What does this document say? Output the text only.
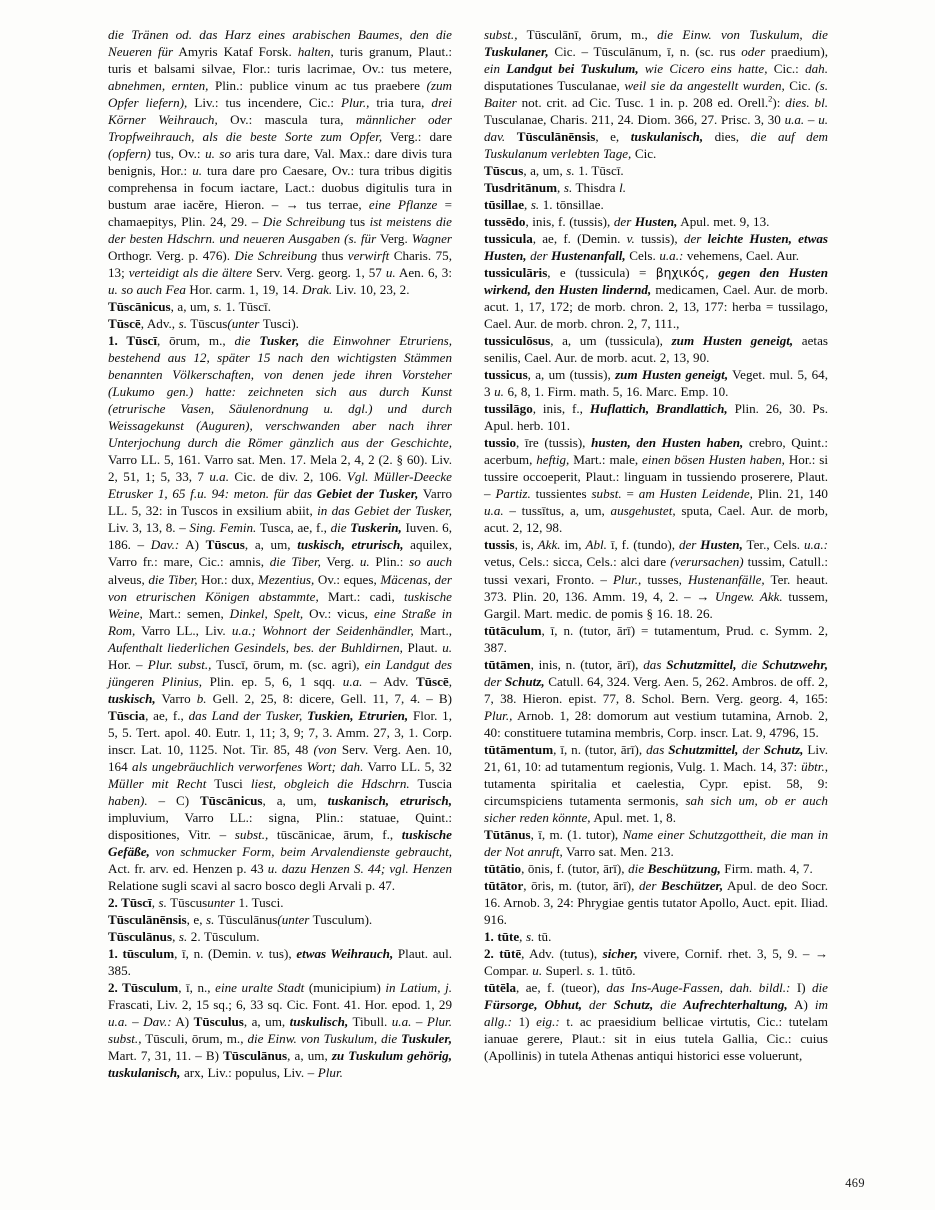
die Tränen od. das Harz eines arabischen Baumes, den die Neueren für Amyris Kataf Forsk. halten, turis granum, Plaut.: turis et balsami silvae, Flor.: turis lacrimae, Ov.: tus metere, abnehmen, ernten, Plin.: publice vinum ac tus praebere (zum Opfer liefern), Liv.: tus incendere, Cic.: Plur., tria tura, drei Körner Weihrauch, Ov.: mascula tura, männlicher oder Tropfweihrauch, als die beste Sorte zum Opfer, Verg.: dare (opfern) tus, Ov.: u. so aris tura dare, Val. Max.: dare divis tura benignis, Hor.: u. tura dare pro Caesare, Ov.: tura tribus digitis comprehensa in focum iactare, Lact.: duobus digitulis tura in bustum arae iacĕre, Hieron. – → tus terrae, eine Pflanze = chamaepitys, Plin. 24, 29. – Die Schreibung tus ist meistens die der besten Hdschrn. und neueren Ausgaben (s. für Verg. Wagner Orthogr. Verg. p. 476). Die Schreibung thus verwirft Charis. 75, 13; verteidigt als die ältere Serv. Verg. georg. 1, 57 u. Aen. 6, 3: u. so auch Fea Hor. carm. 1, 19, 14. Drak. Liv. 10, 23, 2.

Tūscānicus, a, um, s. 1. Tūscī.

Tūscē, Adv., s. Tūscus(unter Tusci).

1. Tūscī, ōrum, m., die Tusker, die Einwohner Etruriens, bestehend aus 12, später 15 nach den wichtigsten Stämmen benannten Völkerschaften, von denen jede ihren Vorsteher (Lukumo gen.) hatte: zeichneten sich aus durch Kunst (etrurische Vasen, Säulenordnung u. dgl.) und durch Weissagekunst (Auguren), verschwanden aber nach ihrer Unterjochung durch die Römer gänzlich aus der Geschichte, Varro LL. 5, 161. Varro sat. Men. 17. Mela 2, 4, 2 (2. § 60). Liv. 2, 51, 1; 5, 33, 7 u.a. Cic. de div. 2, 106. Vgl. Müller-Deecke Etrusker 1, 65 f.u. 94: meton. für das Gebiet der Tusker, Varro LL. 5, 32: in Tuscos in exsilium abiit, in das Gebiet der Tusker, Liv. 3, 13, 8. – Sing. Femin. Tusca, ae, f., die Tuskerin, Iuven. 6, 186. – Dav.: A) Tūscus, a, um, tuskisch, etrurisch, aquilex, Varro fr.: mare, Cic.: amnis, die Tiber, Verg. u. Plin.: so auch alveus, die Tiber, Hor.: dux, Mezentius, Ov.: eques, Mäcenas, der von etrurischen Königen abstammte, Mart.: cadi, tuskische Weine, Mart.: semen, Dinkel, Spelt, Ov.: vicus, eine Straße in Rom, Varro LL., Liv. u.a.; Wohnort der Seidenhändler, Mart., Aufenthalt liederlichen Gesindels, bes. der Buhldirnen, Plaut. u. Hor. – Plur. subst., Tuscī, ōrum, m. (sc. agri), ein Landgut des jüngeren Plinius, Plin. ep. 5, 6, 1 sqq. u.a. – Adv. Tūscē, tuskisch, Varro b. Gell. 2, 25, 8: dicere, Gell. 11, 7, 4. – B) Tūscia, ae, f., das Land der Tusker, Tuskien, Etrurien, Flor. 1, 5, 5. Tert. apol. 40. Eutr. 1, 11; 3, 9; 7, 3. Amm. 27, 3, 1. Corp. inscr. Lat. 10, 1125. Not. Tir. 85, 48 (von Serv. Verg. Aen. 10, 164 als ungebräuchlich verworfenes Wort; dah. Varro LL. 5, 32 Müller mit Recht Tusci liest, obgleich die Hdschrn. Tuscia haben). – C) Tūscānicus, a, um, tuskanisch, etrurisch, impluvium, Varro LL.: signa, Plin.: statuae, Quint.: dispositiones, Vitr. – subst., tūscānicae, ārum, f., tuskische Gefäße, von schmucker Form, beim Arvalendienste gebraucht, Act. fr. arv. ed. Henzen p. 43 u. dazu Henzen S. 44; vgl. Henzen Relatione sugli scavi al sacro bosco degli Arvali p. 47.

2. Tūscī, s. Tūscusunter 1. Tusci.

Tūsculānēnsis, e, s. Tūsculānus(unter Tusculum).

Tūsculānus, s. 2. Tūsculum.

1. tūsculum, ī, n. (Demin. v. tus), etwas Weihrauch, Plaut. aul. 385.

2. Tūsculum, ī, n., eine uralte Stadt (municipium) in Latium, j. Frascati, Liv. 2, 15 sq.; 6, 33 sq. Cic. Font. 41. Hor. epod. 1, 29 u.a. – Dav.: A) Tūsculus, a, um, tuskulisch, Tibull. u.a. – Plur. subst., Tūsculi, ōrum, m., die Einw. von Tuskulum, die Tuskuler, Mart. 7, 31, 11. – B) Tūsculānus, a, um, zu Tuskulum gehörig, tuskulanisch, arx, Liv.: populus, Liv. – Plur.

subst., Tūsculānī, ōrum, m., die Einw. von Tuskulum, die Tuskulaner, Cic. – Tūsculānum, ī, n. (sc. rus oder praedium), ein Landgut bei Tuskulum, wie Cicero eins hatte, Cic.: dah. disputationes Tusculanae, weil sie da angestellt wurden, Cic. (s. Baiter not. crit. ad Cic. Tusc. 1 in. p. 208 ed. Orell.$^2$): dies. bl. Tusculanae, Charis. 211, 24. Diom. 366, 27. Prisc. 3, 30 u.a. – u. dav. Tūsculānēnsis, e, tuskulanisch, dies, die auf dem Tuskulanum verlebten Tage, Cic.

Tūscus, a, um, s. 1. Tūscī.

Tusdritānum, s. Thisdra l.

tūsillae, s. 1. tōnsillae.

tussēdo, inis, f. (tussis), der Husten, Apul. met. 9, 13.

tussicula, ae, f. (Demin. v. tussis), der leichte Husten, etwas Husten, der Hustenanfall, Cels. u.a.: vehemens, Cael. Aur.

tussiculāris, e (tussicula) = βηχικός, gegen den Husten wirkend, den Husten lindernd, medicamen, Cael. Aur. de morb. acut. 1, 17, 172; de morb. chron. 2, 13, 177: herba = tussilago, Cael. Aur. de morb. chron. 2, 7, 111.,

tussiculōsus, a, um (tussicula), zum Husten geneigt, aetas senilis, Cael. Aur. de morb. acut. 2, 13, 90.

tussicus, a, um (tussis), zum Husten geneigt, Veget. mul. 5, 64, 3 u. 6, 8, 1. Firm. math. 5, 16. Marc. Emp. 10.

tussilāgo, inis, f., Huflattich, Brandlattich, Plin. 26, 30. Ps. Apul. herb. 101.

tussio, īre (tussis), husten, den Husten haben, crebro, Quint.: acerbum, heftig, Mart.: male, einen bösen Husten haben, Hor.: si tussire occoeperit, Plaut.: linguam in tussiendo proserere, Plaut. – Partiz. tussientes subst. = am Husten Leidende, Plin. 21, 140 u.a. – tussītus, a, um, ausgehustet, sputa, Cael. Aur. de morb, acut. 2, 12, 98.

tussis, is, Akk. im, Abl. ī, f. (tundo), der Husten, Ter., Cels. u.a.: vetus, Cels.: sicca, Cels.: alci dare (verursachen) tussim, Catull.: tussi vexari, Fronto. – Plur., tusses, Hustenanfälle, Ter. heaut. 373. Plin. 20, 136. Amm. 19, 4, 2. – → Ungew. Akk. tussem, Gargil. Mart. medic. de pomis § 16. 18. 26.

tūtāculum, ī, n. (tutor, ārī) = tutamentum, Prud. c. Symm. 2, 387.

tūtāmen, inis, n. (tutor, ārī), das Schutzmittel, die Schutzwehr, der Schutz, Catull. 64, 324. Verg. Aen. 5, 262. Ambros. de off. 2, 7, 38. Hieron. epist. 77, 8. Schol. Bern. Verg. georg. 4, 165: Plur., Arnob. 1, 28: domorum aut vestium tutamina, Arnob. 2, 40: constituere tutamina membris, Corp. inscr. Lat. 9, 4796, 15.

tūtāmentum, ī, n. (tutor, ārī), das Schutzmittel, der Schutz, Liv. 21, 61, 10: ad tutamentum regionis, Vulg. 1. Mach. 14, 37: übtr., tutamenta spiritalia et caelestia, Cypr. epist. 58, 9: circumspiciens tutamenta sermonis, sah sich um, ob er auch sicher reden könnte, Apul. met. 1, 8.

Tūtānus, ī, m. (1. tutor), Name einer Schutzgottheit, die man in der Not anruft, Varro sat. Men. 213.

tūtātio, ōnis, f. (tutor, ārī), die Beschützung, Firm. math. 4, 7.

tūtātor, ōris, m. (tutor, ārī), der Beschützer, Apul. de deo Socr. 16. Arnob. 3, 24: Phrygiae gentis tutator Apollo, Auct. epit. Iliad. 916.

1. tūte, s. tū.

2. tūtē, Adv. (tutus), sicher, vivere, Cornif. rhet. 3, 5, 9. – → Compar. u. Superl. s. 1. tūtō.

tūtēla, ae, f. (tueor), das Ins-Auge-Fassen, dah. bildl.: I) die Fürsorge, Obhut, der Schutz, die Aufrechterhaltung, A) im allg.: 1) eig.: t. ac praesidium bellicae virtutis, Cic.: tutelam ianuae gerere, Plaut.: sit in eius tutela Gallia, Cic.: cuius (Apollinis) in tutela Athenas antiqui historici esse voluerunt,

469
